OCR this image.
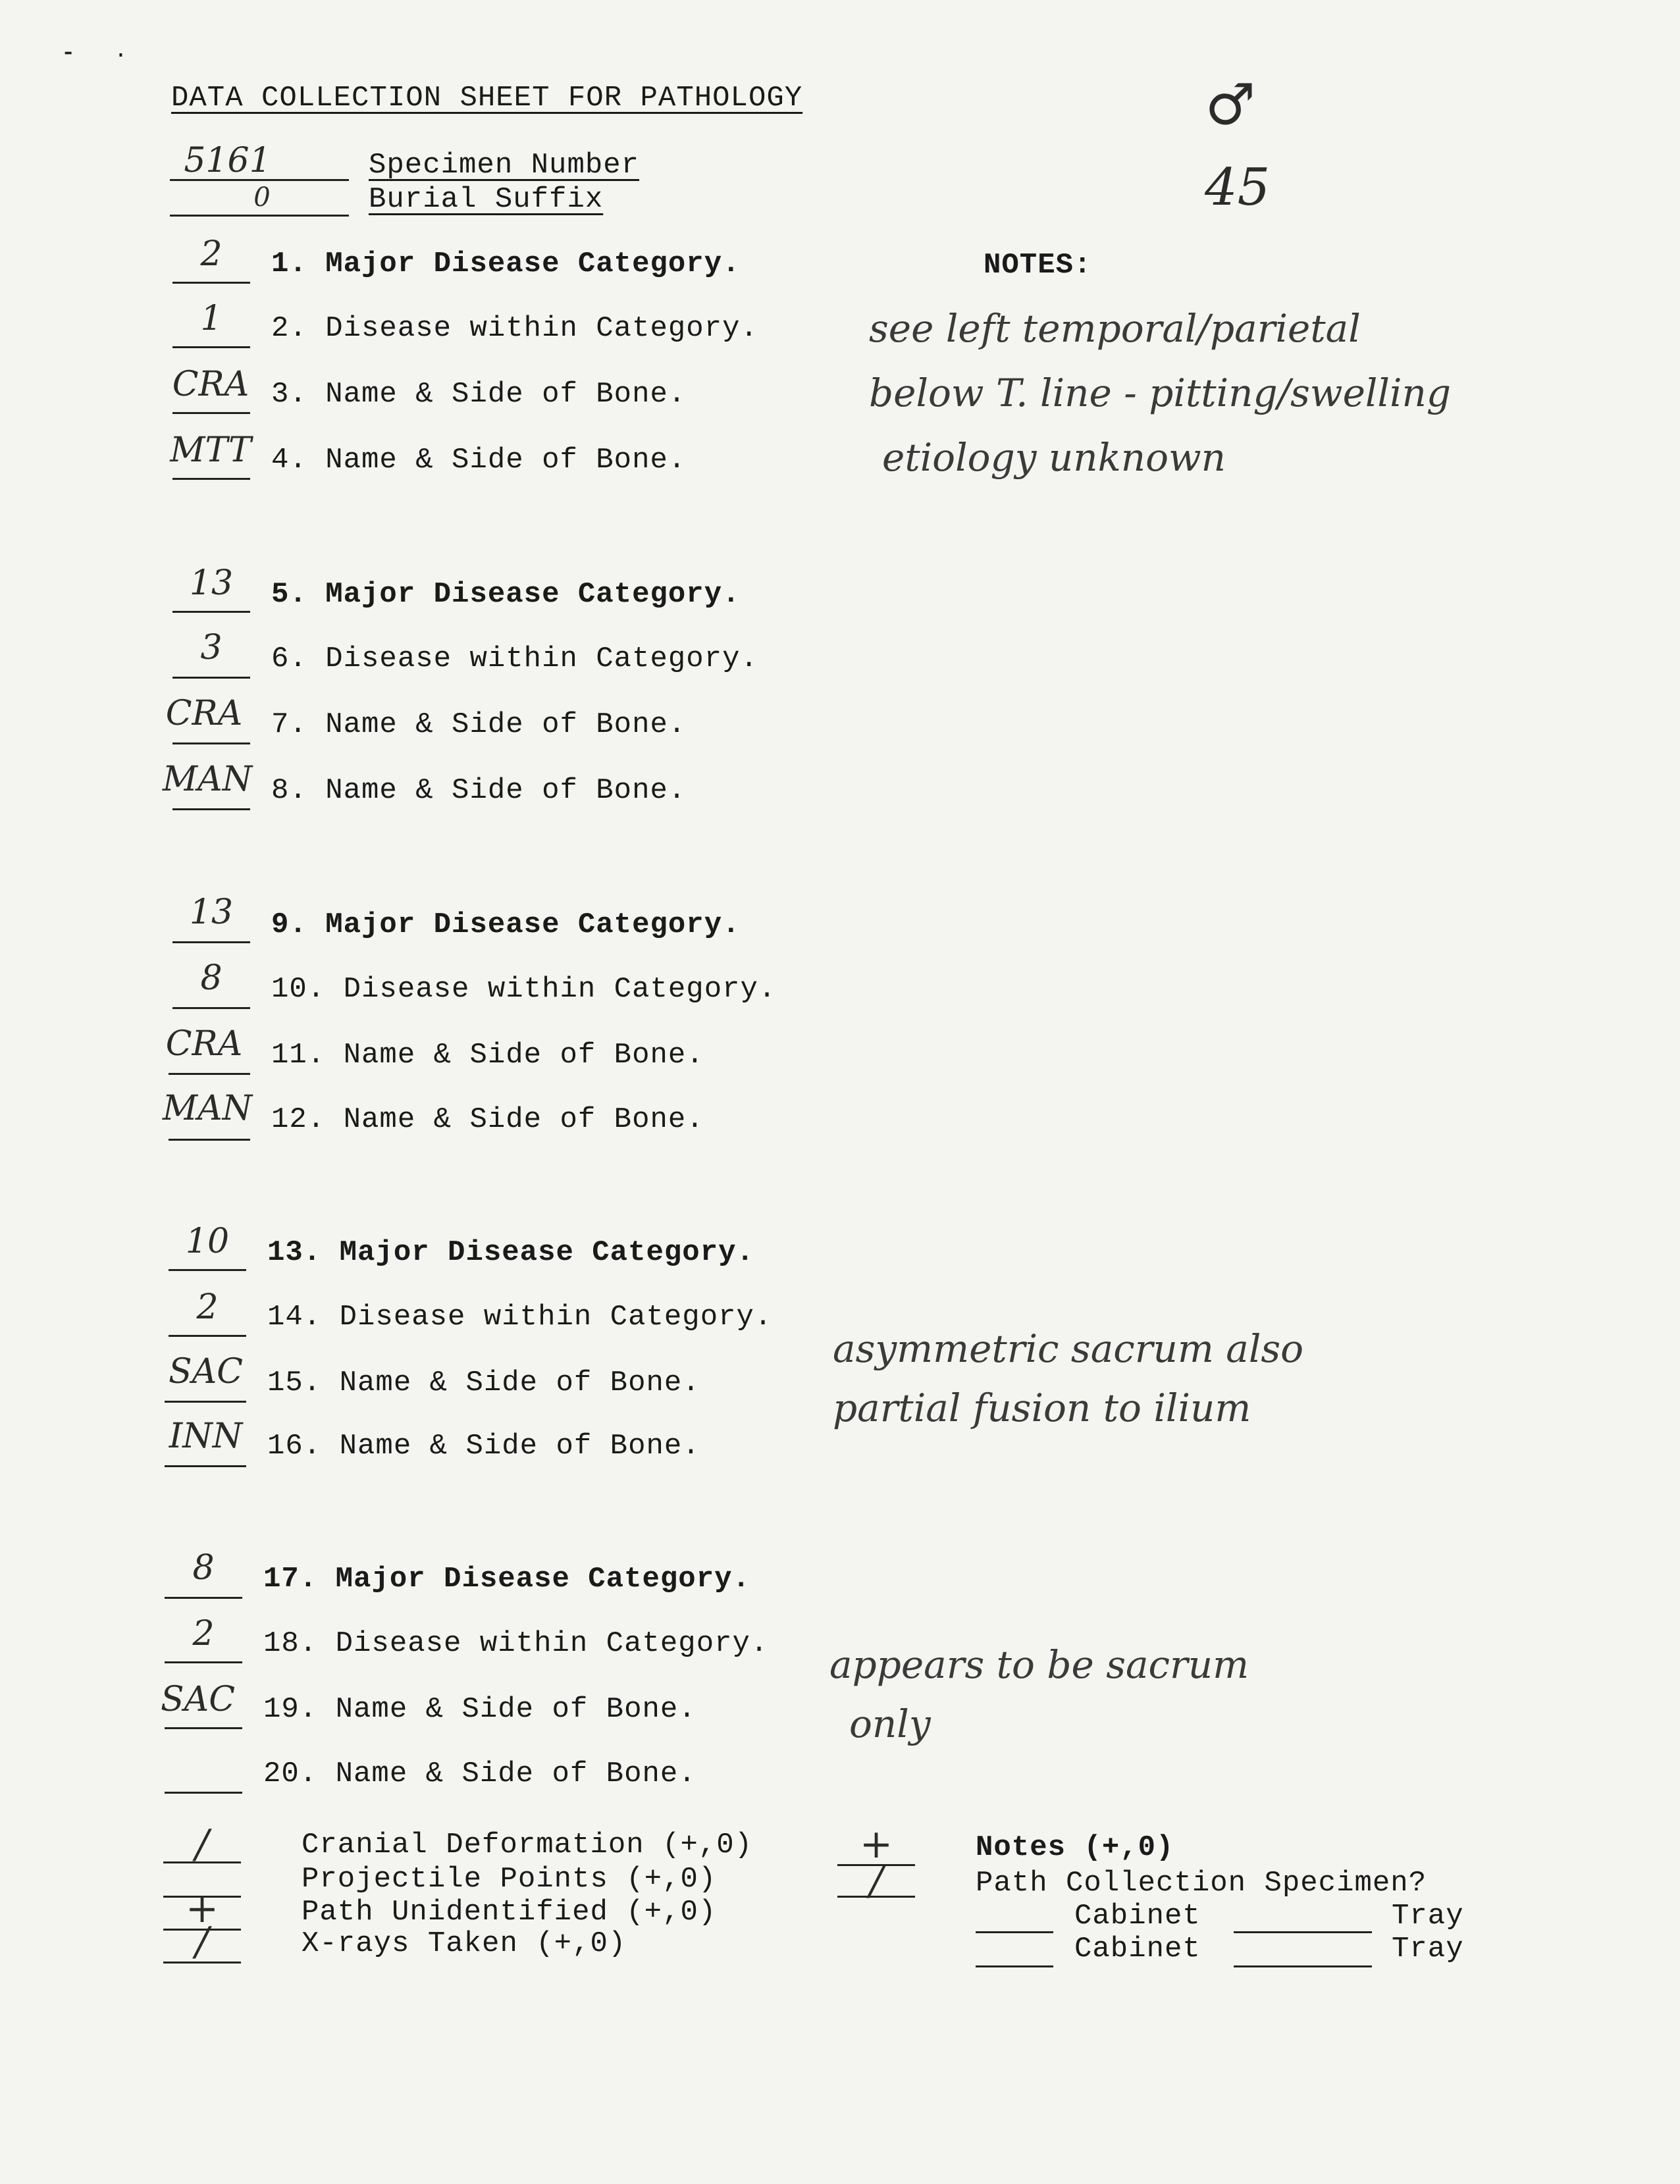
⁃   ·
DATA COLLECTION SHEET FOR PATHOLOGY
5161	Specimen Number
0	Burial Suffix
♂
45
NOTES:
2	1. Major Disease Category.
1	2. Disease within Category.
CRA 3. Name & Side of Bone.
MTT 4. Name & Side of Bone.
see left temporal/parietal
below T. line - pitting/swelling
etiology unknown
13	5. Major Disease Category.
3	6. Disease within Category.
CRA 7. Name & Side of Bone.
MAN 8. Name & Side of Bone.
13	9. Major Disease Category.
8	10. Disease within Category.
CRA 11. Name & Side of Bone.
MAN 12. Name & Side of Bone.
10	13. Major Disease Category.
2	14. Disease within Category.
SAC 15. Name & Side of Bone.
INN 16. Name & Side of Bone.
asymmetric sacrum also
partial fusion to ilium
8	17. Major Disease Category.
2	18. Disease within Category.
SAC 19. Name & Side of Bone.
20. Name & Side of Bone.
appears to be sacrum
only
/	Cranial Deformation (+,0)
Projectile Points (+,0)
+	Path Unidentified (+,0)
/	X-rays Taken (+,0)
+	Notes (+,0)
/	Path Collection Specimen?
Cabinet	Tray
Cabinet	Tray
